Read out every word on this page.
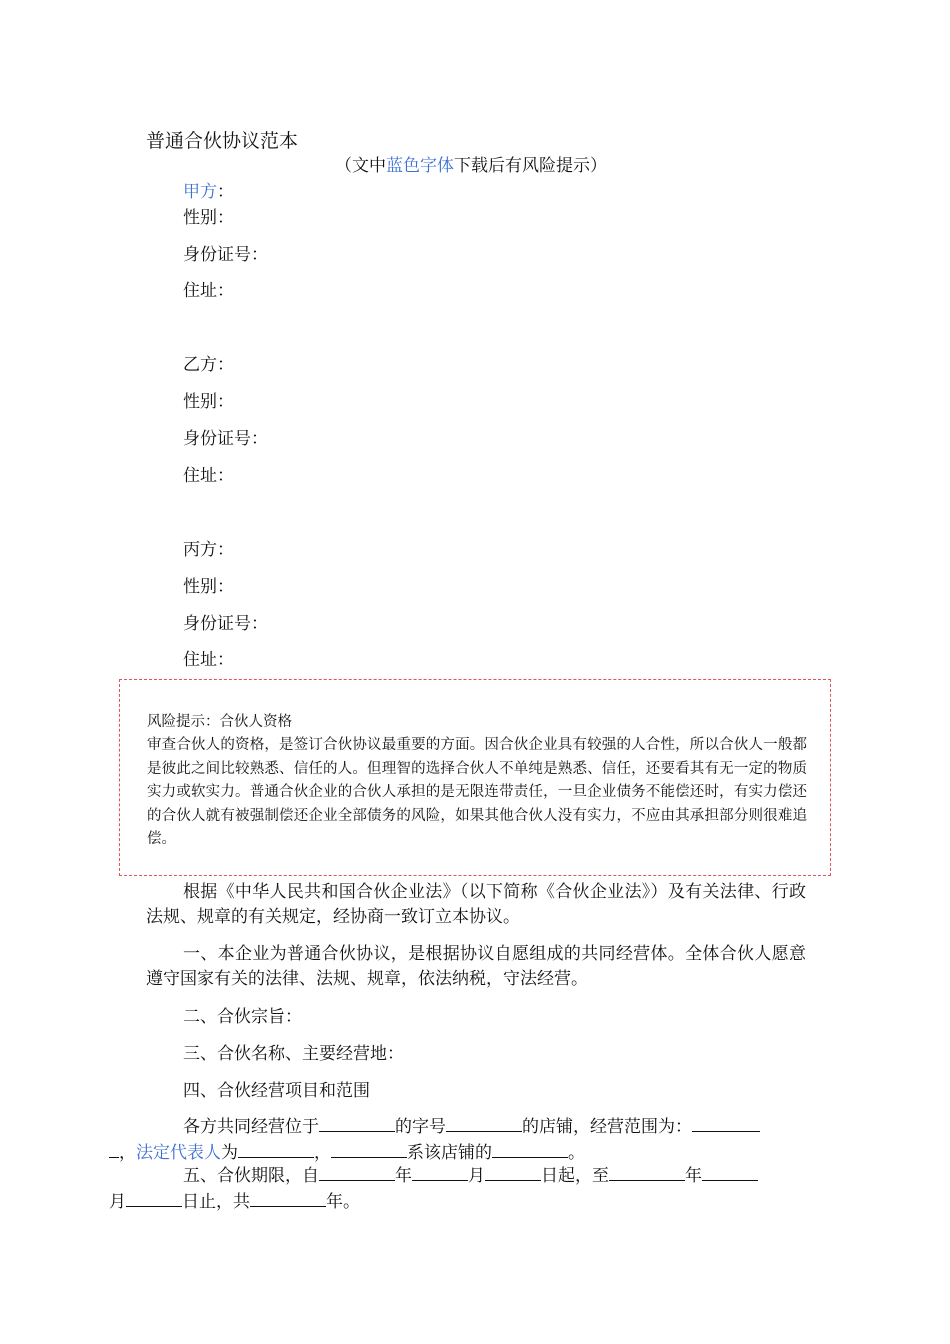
普通合伙协议范本
（文中蓝色字体下载后有风险提示）
甲方：
性别：
身份证号：
住址：
乙方：
性别：
身份证号：
住址：
丙方：
性别：
身份证号：
住址：
风险提示：合伙人资格
审查合伙人的资格，是签订合伙协议最重要的方面。因合伙企业具有较强的人合性，所以合伙人一般都是彼此之间比较熟悉、信任的人。但理智的选择合伙人不单纯是熟悉、信任，还要看其有无一定的物质实力或软实力。普通合伙企业的合伙人承担的是无限连带责任，一旦企业债务不能偿还时，有实力偿还的合伙人就有被强制偿还企业全部债务的风险，如果其他合伙人没有实力，不应由其承担部分则很难追偿。
根据《中华人民共和国合伙企业法》（以下简称《合伙企业法》）及有关法律、行政法规、规章的有关规定，经协商一致订立本协议。
一、本企业为普通合伙协议，是根据协议自愿组成的共同经营体。全体合伙人愿意遵守国家有关的法律、法规、规章，依法纳税，守法经营。
二、合伙宗旨：
三、合伙名称、主要经营地：
四、合伙经营项目和范围
各方共同经营位于	的字号	的店铺，经营范围为：
，法定代表人为	，	系该店铺的	。
五、合伙期限，自	年	月	日起，至	年
月	日止，共	年。
